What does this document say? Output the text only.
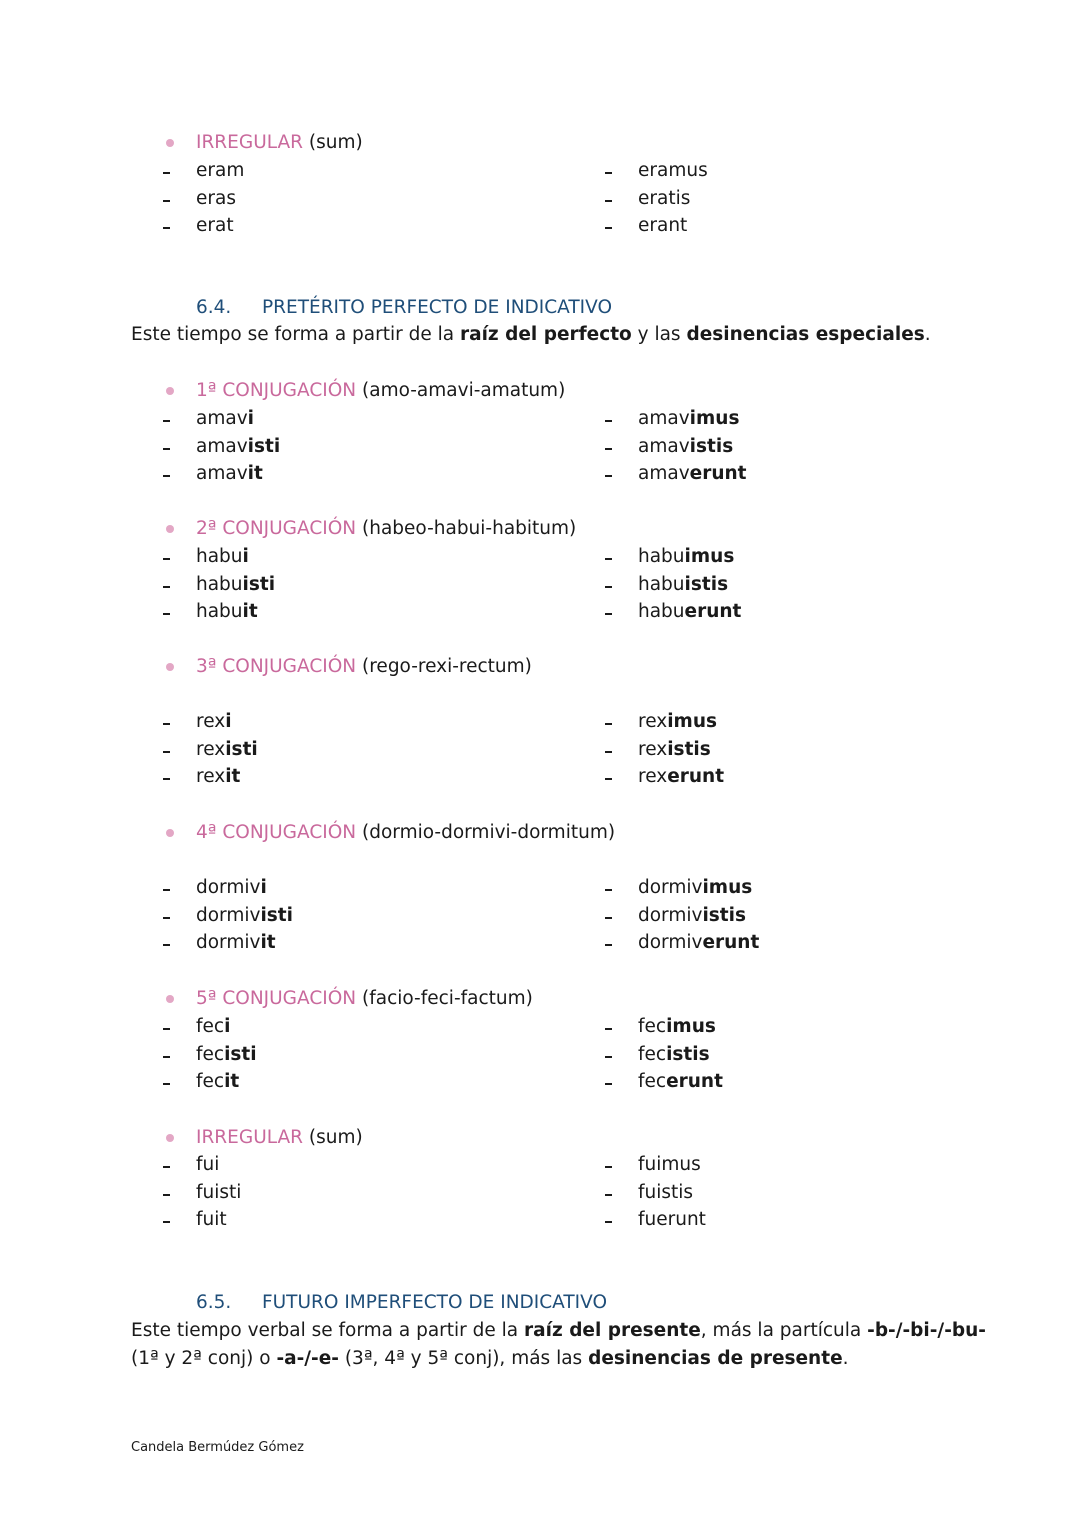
IRREGULAR (sum)
eram
eras
erat
eramus
eratis
erant
6.4. PRETÉRITO PERFECTO DE INDICATIVO
Este tiempo se forma a partir de la raíz del perfecto y las desinencias especiales.
1ª CONJUGACIÓN (amo-amavi-amatum)
amavi
amavisti
amavit
amavimus
amavistis
amaverunt
2ª CONJUGACIÓN (habeo-habui-habitum)
habui
habuisti
habuit
habuimus
habuistis
habuerunt
3ª CONJUGACIÓN (rego-rexi-rectum)
rexi
rexisti
rexit
reximus
rexistis
rexerunt
4ª CONJUGACIÓN (dormio-dormivi-dormitum)
dormivi
dormivisti
dormivit
dormivimus
dormivistis
dormiverunt
5ª CONJUGACIÓN (facio-feci-factum)
feci
fecisti
fecit
fecimus
fecistis
fecerunt
IRREGULAR (sum)
fui
fuisti
fuit
fuimus
fuistis
fuerunt
6.5. FUTURO IMPERFECTO DE INDICATIVO
Este tiempo verbal se forma a partir de la raíz del presente, más la partícula -b-/-bi-/-bu-
(1ª y 2ª conj) o -a-/-e- (3ª, 4ª y 5ª conj), más las desinencias de presente.
Candela Bermúdez Gómez
